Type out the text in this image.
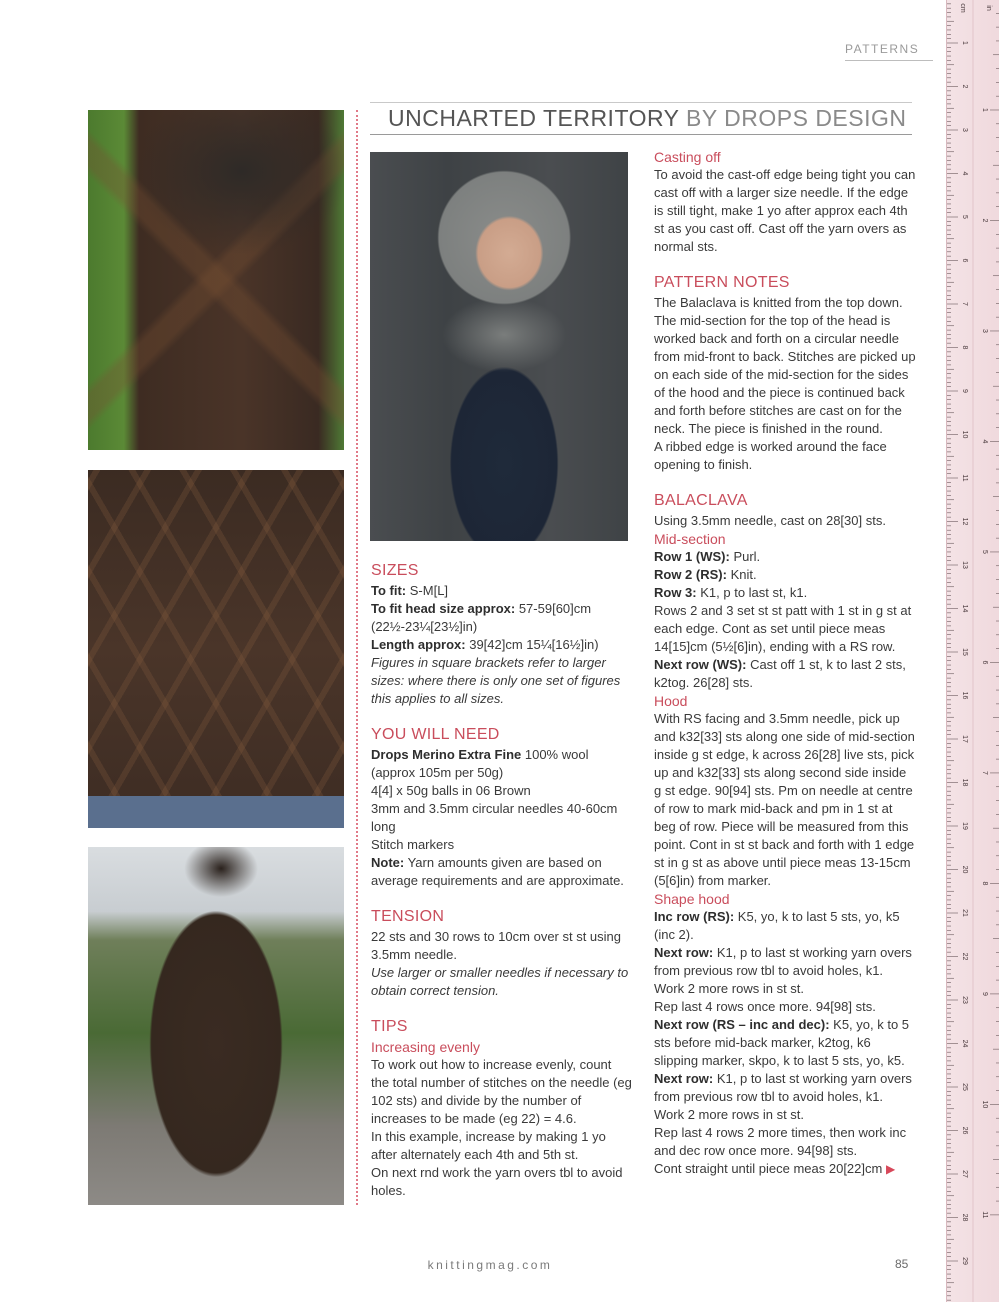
PATTERNS
UNCHARTED TERRITORY BY DROPS DESIGN
SIZES

To fit: S-M[L]

To fit head size approx: 57-59[60]cm (22½-23¼[23½]in)

Length approx: 39[42]cm 15¼[16½]in)

Figures in square brackets refer to larger sizes: where there is only one set of figures this applies to all sizes.

YOU WILL NEED

Drops Merino Extra Fine 100% wool (approx 105m per 50g)

4[4] x 50g balls in 06 Brown

3mm and 3.5mm circular needles 40-60cm long

Stitch markers

Note: Yarn amounts given are based on average requirements and are approximate.

TENSION

22 sts and 30 rows to 10cm over st st using 3.5mm needle.

Use larger or smaller needles if necessary to obtain correct tension.

TIPS
Increasing evenly

To work out how to increase evenly, count the total number of stitches on the needle (eg 102 sts) and divide by the number of increases to be made (eg 22) = 4.6.

In this example, increase by making 1 yo after alternately each 4th and 5th st.

On next rnd work the yarn overs tbl to avoid holes.

Casting off

To avoid the cast-off edge being tight you can cast off with a larger size needle. If the edge is still tight, make 1 yo after approx each 4th st as you cast off. Cast off the yarn overs as normal sts.

PATTERN NOTES

The Balaclava is knitted from the top down. The mid-section for the top of the head is worked back and forth on a circular needle from mid-front to back. Stitches are picked up on each side of the mid-section for the sides of the hood and the piece is continued back and forth before stitches are cast on for the neck. The piece is finished in the round.

A ribbed edge is worked around the face opening to finish.

BALACLAVA

Using 3.5mm needle, cast on 28[30] sts.

Mid-section

Row 1 (WS): Purl.

Row 2 (RS): Knit.

Row 3: K1, p to last st, k1.

Rows 2 and 3 set st st patt with 1 st in g st at each edge. Cont as set until piece meas 14[15]cm (5½[6]in), ending with a RS row.

Next row (WS): Cast off 1 st, k to last 2 sts, k2tog. 26[28] sts.

Hood

With RS facing and 3.5mm needle, pick up and k32[33] sts along one side of mid-section inside g st edge, k across 26[28] live sts, pick up and k32[33] sts along second side inside g st edge. 90[94] sts. Pm on needle at centre of row to mark mid-back and pm in 1 st at beg of row. Piece will be measured from this point. Cont in st st back and forth with 1 edge st in g st as above until piece meas 13-15cm (5[6]in) from marker.

Shape hood

Inc row (RS): K5, yo, k to last 5 sts, yo, k5 (inc 2).

Next row: K1, p to last st working yarn overs from previous row tbl to avoid holes, k1.

Work 2 more rows in st st.

Rep last 4 rows once more. 94[98] sts.

Next row (RS – inc and dec): K5, yo, k to 5 sts before mid-back marker, k2tog, k6 slipping marker, skpo, k to last 5 sts, yo, k5.

Next row: K1, p to last st working yarn overs from previous row tbl to avoid holes, k1.

Work 2 more rows in st st.

Rep last 4 rows 2 more times, then work inc and dec row once more. 94[98] sts.

Cont straight until piece meas 20[22]cm ▶

knittingmag.com	85
cm	in
1
2
3
4
5
6
7
8
9
10
11
12
13
14
15
16
17
18
19
20
21
22
23
24
25
26
27
28
29
1
2
3
4
5
6
7
8
9
10
11
